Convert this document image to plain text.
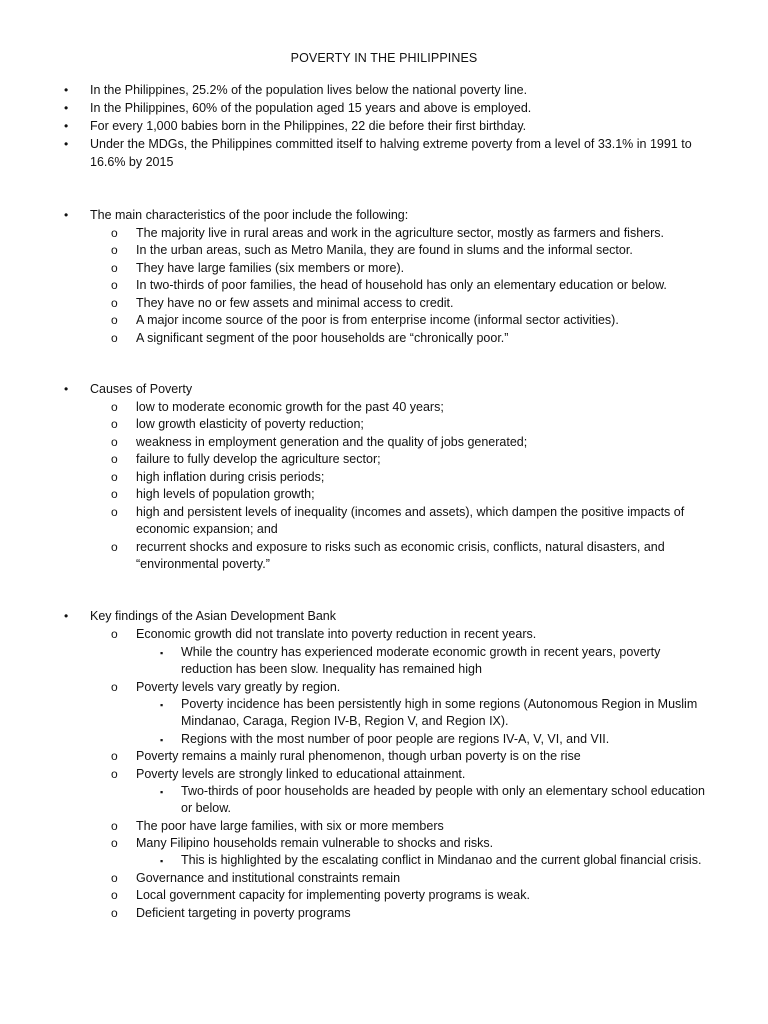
POVERTY IN THE PHILIPPINES
• In the Philippines, 25.2% of the population lives below the national poverty line.
• In the Philippines, 60% of the population aged 15 years and above is employed.
• For every 1,000 babies born in the Philippines, 22 die before their first birthday.
• Under the MDGs, the Philippines committed itself to halving extreme poverty from a level of 33.1% in 1991 to
16.6% by 2015
• The main characteristics of the poor include the following:
o The majority live in rural areas and work in the agriculture sector, mostly as farmers and fishers.
o In the urban areas, such as Metro Manila, they are found in slums and the informal sector.
o They have large families (six members or more).
o In two-thirds of poor families, the head of household has only an elementary education or below.
o They have no or few assets and minimal access to credit.
o A major income source of the poor is from enterprise income (informal sector activities).
o A significant segment of the poor households are “chronically poor.”
• Causes of Poverty
o low to moderate economic growth for the past 40 years;
o low growth elasticity of poverty reduction;
o weakness in employment generation and the quality of jobs generated;
o failure to fully develop the agriculture sector;
o high inflation during crisis periods;
o high levels of population growth;
o high and persistent levels of inequality (incomes and assets), which dampen the positive impacts of
economic expansion; and
o recurrent shocks and exposure to risks such as economic crisis, conflicts, natural disasters, and
“environmental poverty.”
• Key findings of the Asian Development Bank
o Economic growth did not translate into poverty reduction in recent years.
▪ While the country has experienced moderate economic growth in recent years, poverty
reduction has been slow. Inequality has remained high
o Poverty levels vary greatly by region.
▪ Poverty incidence has been persistently high in some regions (Autonomous Region in Muslim
Mindanao, Caraga, Region IV-B, Region V, and Region IX).
▪ Regions with the most number of poor people are regions IV-A, V, VI, and VII.
o Poverty remains a mainly rural phenomenon, though urban poverty is on the rise
o Poverty levels are strongly linked to educational attainment.
▪ Two-thirds of poor households are headed by people with only an elementary school education
or below.
o The poor have large families, with six or more members
o Many Filipino households remain vulnerable to shocks and risks.
▪ This is highlighted by the escalating conflict in Mindanao and the current global financial crisis.
o Governance and institutional constraints remain
o Local government capacity for implementing poverty programs is weak.
o Deficient targeting in poverty programs
